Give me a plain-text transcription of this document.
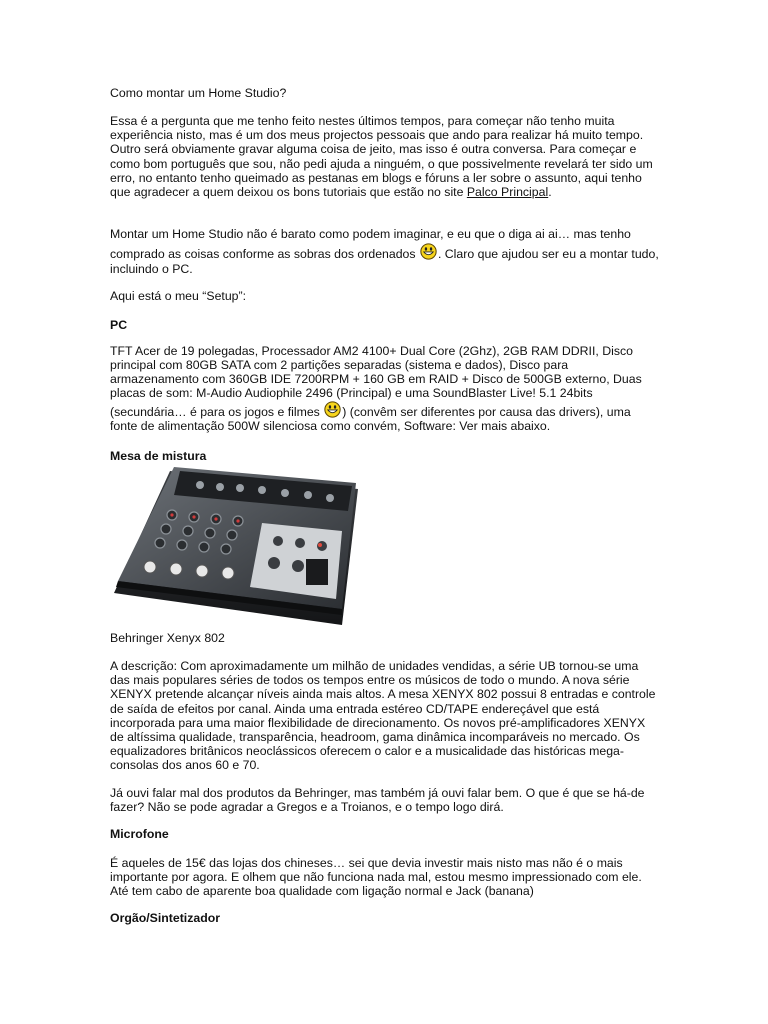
Como montar um Home Studio?

Essa é a pergunta que me tenho feito nestes últimos tempos, para começar não tenho muita experiência nisto, mas é um dos meus projectos pessoais que ando para realizar há muito tempo. Outro será obviamente gravar alguma coisa de jeito, mas isso é outra conversa. Para começar e como bom português que sou, não pedi ajuda a ninguém, o que possivelmente revelará ter sido um erro, no entanto tenho queimado as pestanas em blogs e fóruns a ler sobre o assunto, aqui tenho que agradecer a quem deixou os bons tutoriais que estão no site Palco Principal.

Montar um Home Studio não é barato como podem imaginar, e eu que o diga ai ai… mas tenho comprado as coisas conforme as sobras dos ordenados . Claro que ajudou ser eu a montar tudo, incluindo o PC.

Aqui está o meu “Setup”:

PC

TFT Acer de 19 polegadas, Processador AM2 4100+ Dual Core (2Ghz), 2GB RAM DDRII, Disco principal com 80GB SATA com 2 partições separadas (sistema e dados), Disco para armazenamento com 360GB IDE 7200RPM + 160 GB em RAID + Disco de 500GB externo, Duas placas de som: M-Audio Audiophile 2496 (Principal) e uma SoundBlaster Live! 5.1 24bits (secundária… é para os jogos e filmes ) (convêm ser diferentes por causa das drivers), uma fonte de alimentação 500W silenciosa como convém, Software: Ver mais abaixo.

Mesa de mistura

Behringer Xenyx 802

A descrição: Com aproximadamente um milhão de unidades vendidas, a série UB tornou-se uma das mais populares séries de todos os tempos entre os músicos de todo o mundo. A nova série XENYX pretende alcançar níveis ainda mais altos. A mesa XENYX 802 possui 8 entradas e controle de saída de efeitos por canal. Ainda uma entrada estéreo CD/TAPE endereçável que está incorporada para uma maior flexibilidade de direcionamento. Os novos pré-amplificadores XENYX de altíssima qualidade, transparência, headroom, gama dinâmica incomparáveis no mercado. Os equalizadores britânicos neoclássicos oferecem o calor e a musicalidade das históricas mega-consolas dos anos 60 e 70.

Já ouvi falar mal dos produtos da Behringer, mas também já ouvi falar bem. O que é que se há-de fazer? Não se pode agradar a Gregos e a Troianos, e o tempo logo dirá.

Microfone

É aqueles de 15€ das lojas dos chineses… sei que devia investir mais nisto mas não é o mais importante por agora. E olhem que não funciona nada mal, estou mesmo impressionado com ele. Até tem cabo de aparente boa qualidade com ligação normal e Jack (banana)

Orgão/Sintetizador
